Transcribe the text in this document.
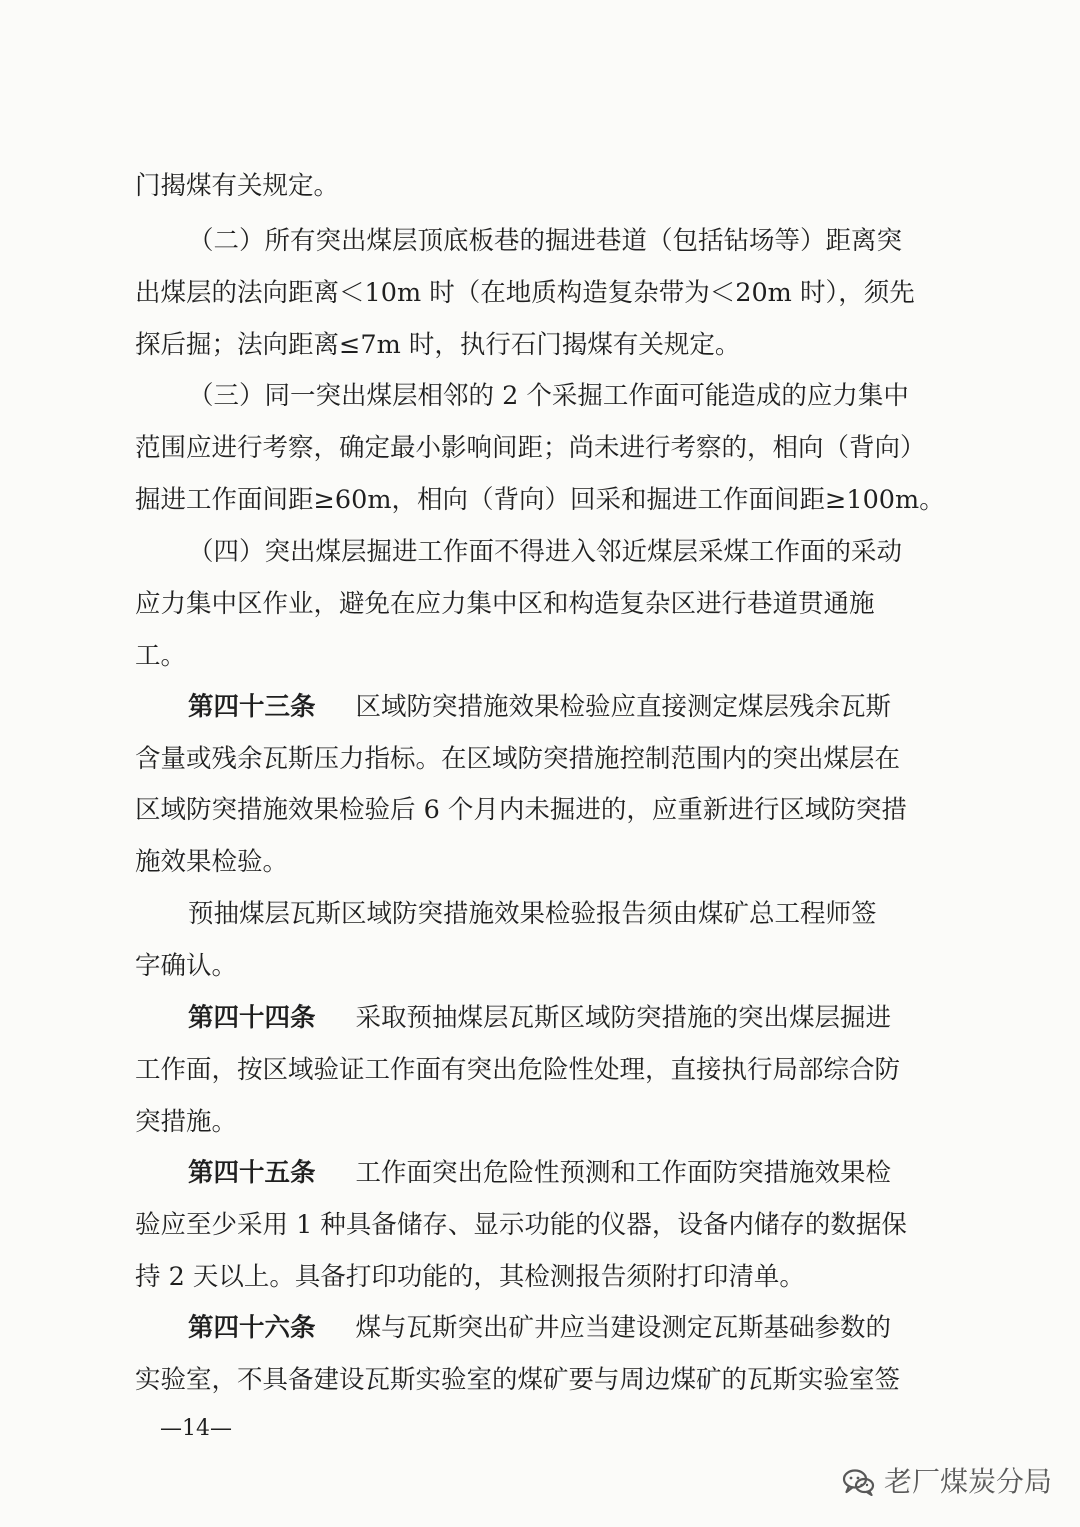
门揭煤有关规定。
（二）所有突出煤层顶底板巷的掘进巷道（包括钻场等）距离突
出煤层的法向距离＜10m 时（在地质构造复杂带为＜20m 时），须先
探后掘；法向距离≤7m 时，执行石门揭煤有关规定。
（三）同一突出煤层相邻的 2 个采掘工作面可能造成的应力集中
范围应进行考察，确定最小影响间距；尚未进行考察的，相向（背向）
掘进工作面间距≥60m，相向（背向）回采和掘进工作面间距≥100m。
（四）突出煤层掘进工作面不得进入邻近煤层采煤工作面的采动
应力集中区作业，避免在应力集中区和构造复杂区进行巷道贯通施
工。
第四十三条 区域防突措施效果检验应直接测定煤层残余瓦斯
含量或残余瓦斯压力指标。在区域防突措施控制范围内的突出煤层在
区域防突措施效果检验后 6 个月内未掘进的，应重新进行区域防突措
施效果检验。
预抽煤层瓦斯区域防突措施效果检验报告须由煤矿总工程师签
字确认。
第四十四条 采取预抽煤层瓦斯区域防突措施的突出煤层掘进
工作面，按区域验证工作面有突出危险性处理，直接执行局部综合防
突措施。
第四十五条 工作面突出危险性预测和工作面防突措施效果检
验应至少采用 1 种具备储存、显示功能的仪器，设备内储存的数据保
持 2 天以上。具备打印功能的，其检测报告须附打印清单。
第四十六条 煤与瓦斯突出矿井应当建设测定瓦斯基础参数的
实验室，不具备建设瓦斯实验室的煤矿要与周边煤矿的瓦斯实验室签
—14—
老厂煤炭分局
